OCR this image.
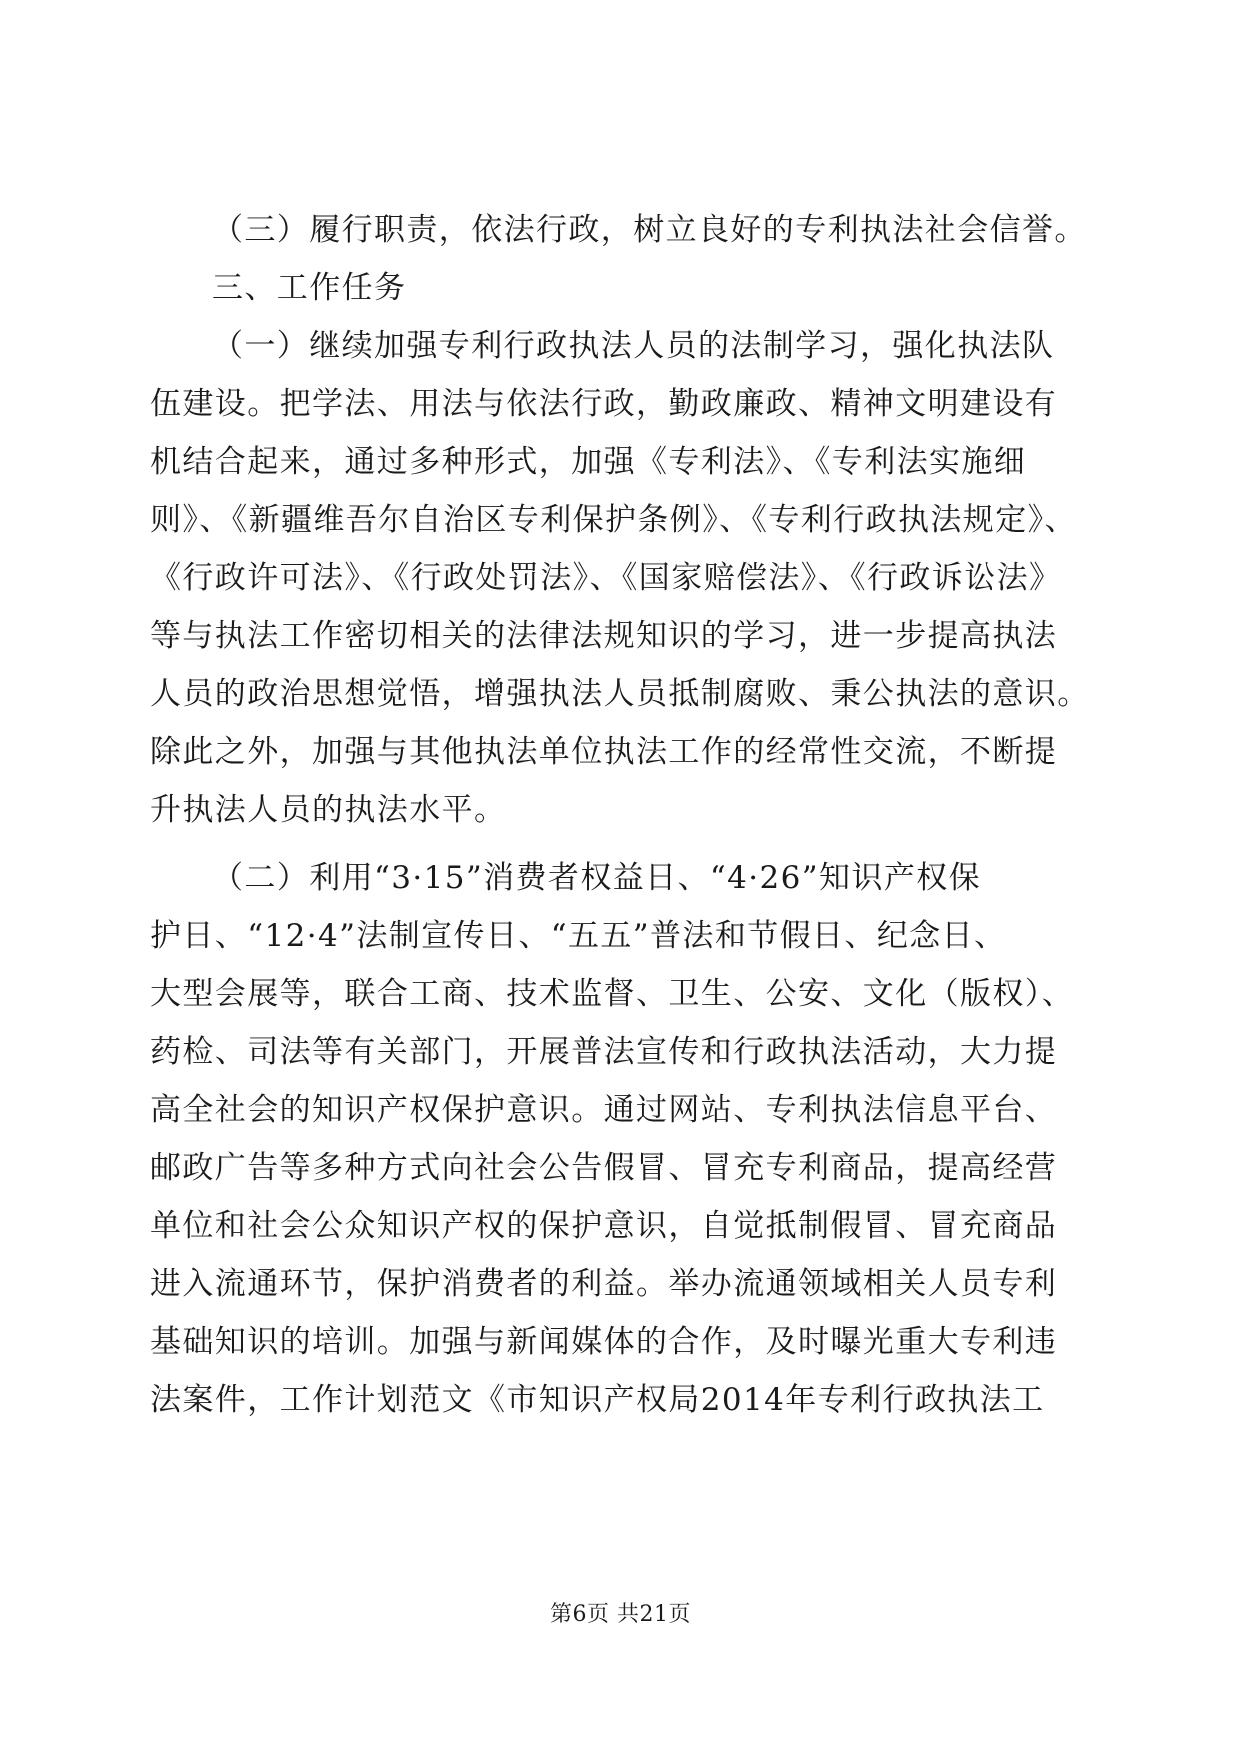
（三）履行职责，依法行政，树立良好的专利执法社会信誉。
三、工作任务
（一）继续加强专利行政执法人员的法制学习，强化执法队
伍建设。把学法、用法与依法行政，勤政廉政、精神文明建设有
机结合起来，通过多种形式，加强《专利法》、《专利法实施细
则》、《新疆维吾尔自治区专利保护条例》、《专利行政执法规定》、
《行政许可法》、《行政处罚法》、《国家赔偿法》、《行政诉讼法》
等与执法工作密切相关的法律法规知识的学习，进一步提高执法
人员的政治思想觉悟，增强执法人员抵制腐败、秉公执法的意识。
除此之外，加强与其他执法单位执法工作的经常性交流，不断提
升执法人员的执法水平。
（二）利用“3·15”消费者权益日、“4·26”知识产权保
护日、“12·4”法制宣传日、“五五”普法和节假日、纪念日、
大型会展等，联合工商、技术监督、卫生、公安、文化（版权）、
药检、司法等有关部门，开展普法宣传和行政执法活动，大力提
高全社会的知识产权保护意识。通过网站、专利执法信息平台、
邮政广告等多种方式向社会公告假冒、冒充专利商品，提高经营
单位和社会公众知识产权的保护意识，自觉抵制假冒、冒充商品
进入流通环节，保护消费者的利益。举办流通领域相关人员专利
基础知识的培训。加强与新闻媒体的合作，及时曝光重大专利违
法案件，工作计划范文《市知识产权局2014年专利行政执法工
第6页 共21页
